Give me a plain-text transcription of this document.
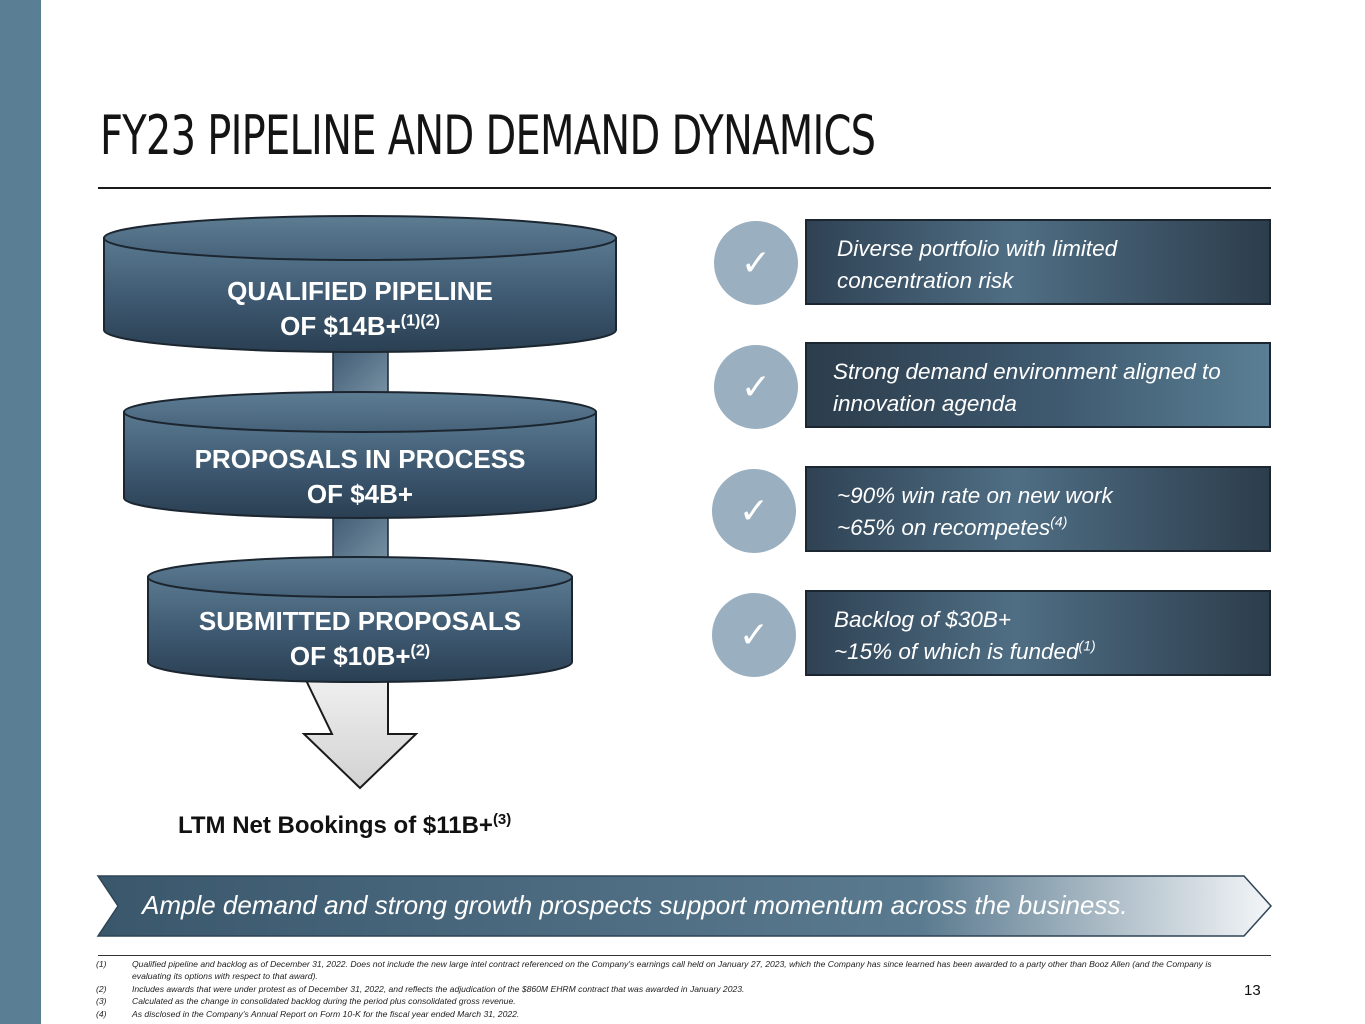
FY23 PIPELINE AND DEMAND DYNAMICS
QUALIFIED PIPELINE
OF $14B+$^{(1)(2)}$
PROPOSALS IN PROCESS
OF $4B+
SUBMITTED PROPOSALS
OF $10B+$^{(2)}$
LTM Net Bookings of $11B+$^{(3)}$
Diverse portfolio with limited
concentration risk
Strong demand environment aligned to
innovation agenda
~90% win rate on new work
~65% on recompetes$^{(4)}$
Backlog of $30B+
~15% of which is funded$^{(1)}$
✓
✓
✓
✓
Ample demand and strong growth prospects support momentum across the business.
(1)	Qualified pipeline and backlog as of December 31, 2022. Does not include the new large intel contract referenced on the Company's earnings call held on January 27, 2023, which the Company has since learned has been awarded to a party other than Booz Allen (and the Company is evaluating its options with respect to that award).
(2)	Includes awards that were under protest as of December 31, 2022, and reflects the adjudication of the $860M EHRM contract that was awarded in January 2023.
(3)	Calculated as the change in consolidated backlog during the period plus consolidated gross revenue.
(4)	As disclosed in the Company's Annual Report on Form 10-K for the fiscal year ended March 31, 2022.
13
